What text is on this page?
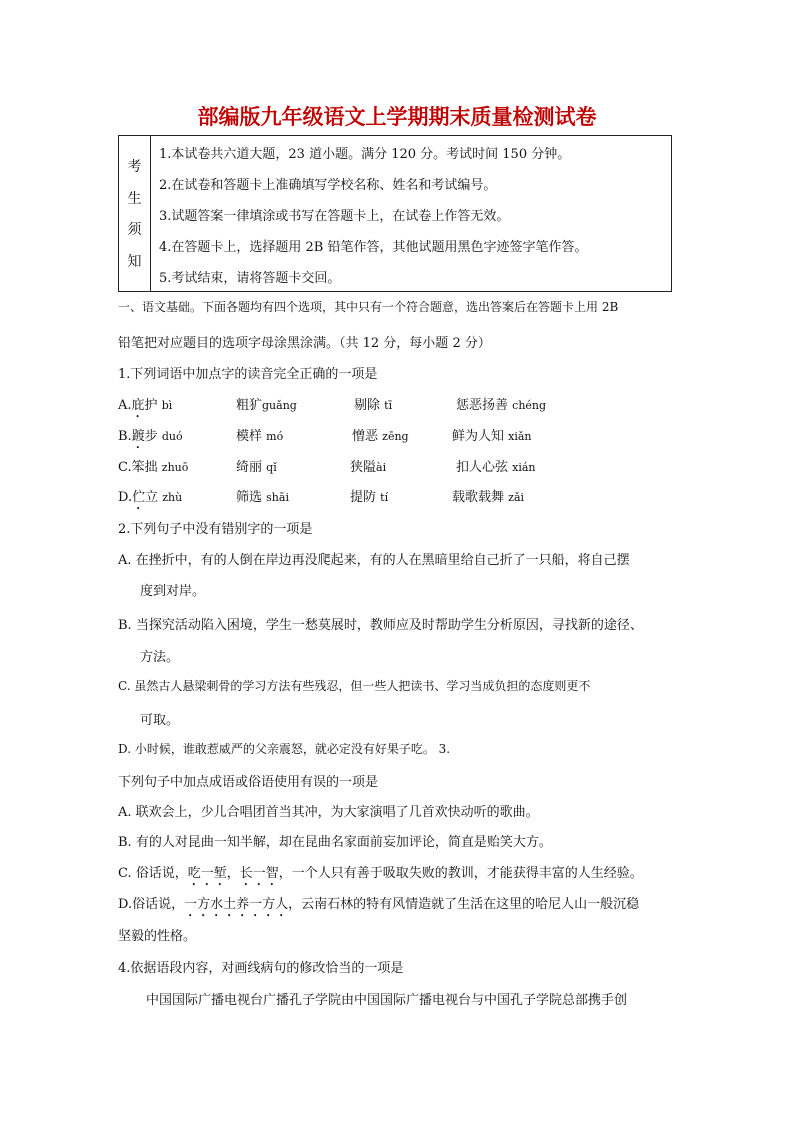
部编版九年级语文上学期期末质量检测试卷
考
生
须
知
1.本试卷共六道大题，23 道小题。满分 120 分。考试时间 150 分钟。
2.在试卷和答题卡上准确填写学校名称、姓名和考试编号。
3.试题答案一律填涂或书写在答题卡上，在试卷上作答无效。
4.在答题卡上，选择题用 2B 铅笔作答，其他试题用黑色字迹签字笔作答。
5.考试结束，请将答题卡交回。
一、语文基础。下面各题均有四个选项，其中只有一个符合题意，选出答案后在答题卡上用 2B
铅笔把对应题目的选项字母涂黑涂满。（共 12 分，每小题 2 分）
1.下列词语中加点字的读音完全正确的一项是
A.庇护 bì	粗犷guǎng	剔除 tī	惩恶扬善 chéng
B.踱步 duó	模样 mó	憎恶 zēng	鲜为人知 xiǎn
C.笨拙 zhuō	绮丽 qǐ	狭隘ài	扣人心弦 xián
D.伫立 zhù	筛选 shāi	提防 tí	载歌载舞 zǎi
2.下列句子中没有错别字的一项是
A. 在挫折中，有的人倒在岸边再没爬起来，有的人在黑暗里给自己折了一只船，将自己摆
度到对岸。
B. 当探究活动陷入困境，学生一愁莫展时，教师应及时帮助学生分析原因，寻找新的途径、
方法。
C. 虽然古人悬梁刺骨的学习方法有些残忍，但一些人把读书、学习当成负担的态度则更不
可取。
D. 小时候，谁敢惹威严的父亲震怒，就必定没有好果子吃。 3.
下列句子中加点成语或俗语使用有误的一项是
A. 联欢会上，少儿合唱团首当其冲，为大家演唱了几首欢快动听的歌曲。
B. 有的人对昆曲一知半解，却在昆曲名家面前妄加评论，简直是贻笑大方。
C. 俗话说，吃一堑，长一智，一个人只有善于吸取失败的教训，才能获得丰富的人生经验。
D.俗话说，一方水土养一方人，云南石林的特有风情造就了生活在这里的哈尼人山一般沉稳
坚毅的性格。
4.依据语段内容，对画线病句的修改恰当的一项是
中国国际广播电视台广播孔子学院由中国国际广播电视台与中国孔子学院总部携手创
